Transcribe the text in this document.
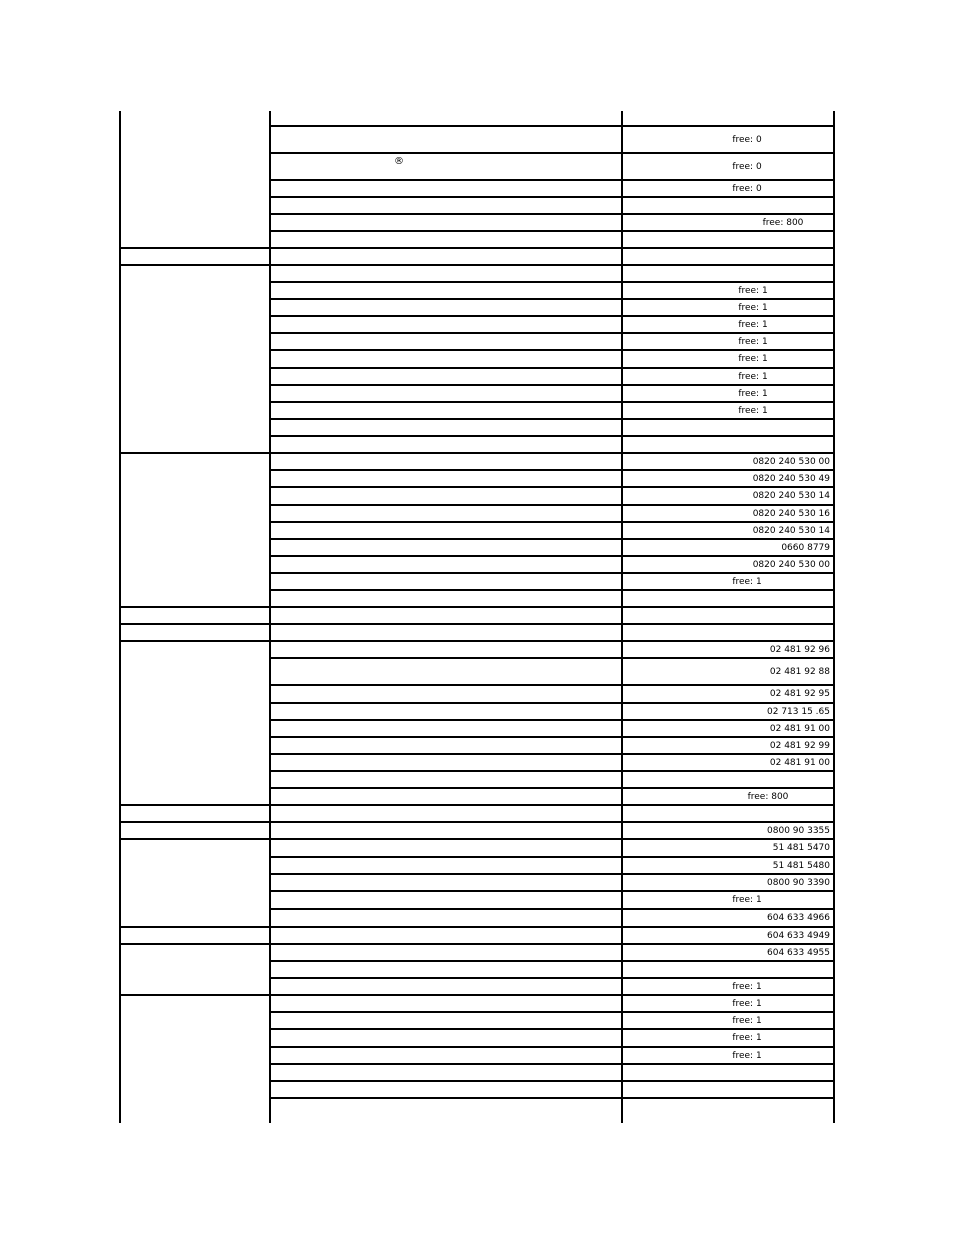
®
free: 0
free: 0
free: 0
free: 800
free: 1
free: 1
free: 1
free: 1
free: 1
free: 1
free: 1
free: 1
0820 240 530 00
0820 240 530 49
0820 240 530 14
0820 240 530 16
0820 240 530 14
0660 8779
0820 240 530 00
free: 1
02 481 92 96
02 481 92 88
02 481 92 95
02 713 15 .65
02 481 91 00
02 481 92 99
02 481 91 00
free: 800
0800 90 3355
51 481 5470
51 481 5480
0800 90 3390
free: 1
604 633 4966
604 633 4949
604 633 4955
free: 1
free: 1
free: 1
free: 1
free: 1
